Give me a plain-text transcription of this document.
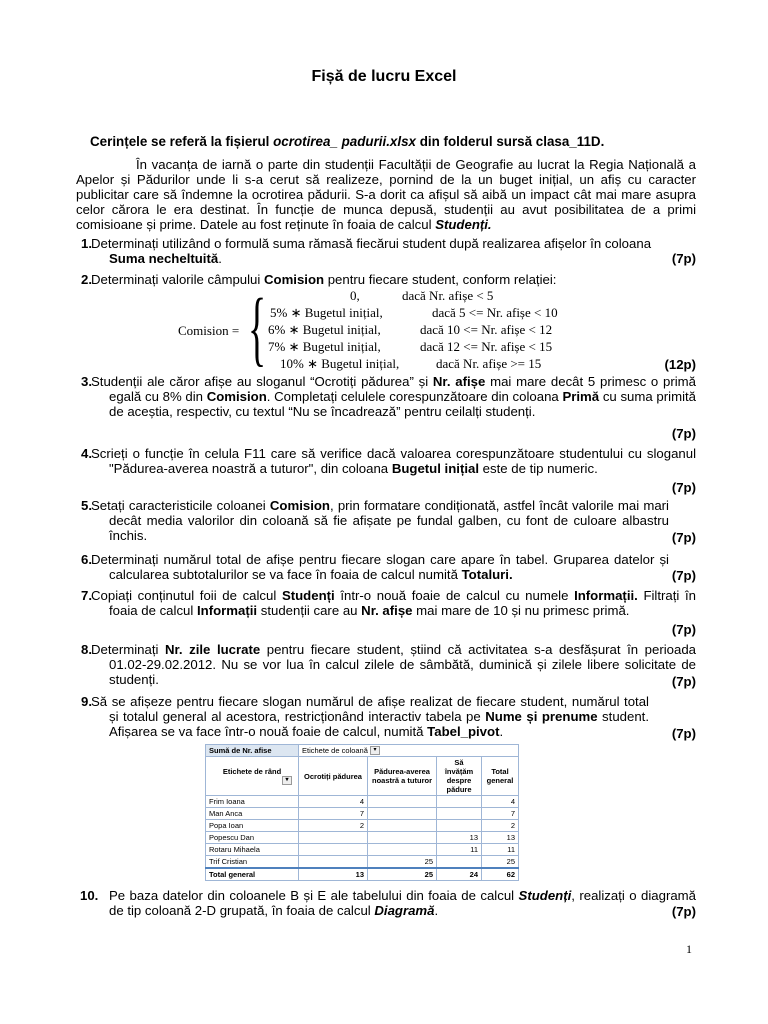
Fișă de lucru Excel
Cerințele se referă la fișierul ocrotirea_ padurii.xlsx din folderul sursă clasa_11D.
În vacanța de iarnă o parte din studenții Facultății de Geografie au lucrat la Regia Națională a Apelor și Pădurilor unde li s-a cerut să realizeze, pornind de la un buget inițial, un afiș cu caracter publicitar care să îndemne la ocrotirea pădurii. S-a dorit ca afișul să aibă un impact cât mai mare asupra celor cărora le era destinat. În funcție de munca depusă, studenții au avut posibilitatea de a primi comisioane și prime. Datele au fost reținute în foaia de calcul Studenți.
1. Determinați utilizând o formulă suma rămasă fiecărui student după realizarea afișelor în coloana
Suma necheltuită.	(7p)
2. Determinați valorile câmpului Comision pentru fiecare student, conform relației:
(12p)
Comision = {	0,	dacă Nr. afișe < 5
5% ∗ Bugetul inițial,	dacă 5 <= Nr. afișe < 10
6% ∗ Bugetul inițial,	dacă 10 <= Nr. afișe < 12
7% ∗ Bugetul inițial,	dacă 12 <= Nr. afișe < 15
10% ∗ Bugetul inițial,	dacă Nr. afișe >= 15
3. Studenții ale căror afișe au sloganul “Ocrotiți pădurea” și Nr. afișe mai mare decât 5 primesc o primă egală cu 8% din Comision. Completați celulele corespunzătoare din coloana Primă cu suma primită de aceștia, respectiv, cu textul “Nu se încadrează” pentru ceilalți studenți.
(7p)
4. Scrieți o funcție în celula F11 care să verifice dacă valoarea corespunzătoare studentului cu sloganul "Pădurea-averea noastră a tuturor", din coloana Bugetul inițial este de tip numeric.
(7p)
5. Setați caracteristicile coloanei Comision, prin formatare condiționată, astfel încât valorile mai mari decât media valorilor din coloană să fie afișate pe fundal galben, cu font de culoare albastru închis.	(7p)
6. Determinați numărul total de afișe pentru fiecare slogan care apare în tabel. Gruparea datelor și calcularea subtotalurilor se va face în foaia de calcul numită Totaluri.	(7p)
7. Copiați conținutul foii de calcul Studenți într-o nouă foaie de calcul cu numele Informații. Filtrați în foaia de calcul Informații studenții care au Nr. afișe mai mare de 10 și nu primesc primă.
(7p)
8. Determinați Nr. zile lucrate pentru fiecare student, știind că activitatea s-a desfășurat în perioada 01.02-29.02.2012. Nu se vor lua în calcul zilele de sâmbătă, duminică și zilele libere solicitate de studenți.	(7p)
9. Să se afișeze pentru fiecare slogan numărul de afișe realizat de fiecare student, numărul total și totalul general al acestora, restricționând interactiv tabela pe Nume și prenume student. Afișarea se va face într-o nouă foaie de calcul, numită Tabel_pivot.	(7p)
Sumă de Nr. afise	Etichete de coloană ▾			
Etichete de rând
▾	Ocrotiți pădurea	Pădurea-averea noastră a tuturor	Să învățăm despre pădure	Total general
Frim Ioana	4			4
Man Anca	7			7
Popa Ioan	2			2
Popescu Dan			13	13
Rotaru Mihaela			11	11
Trif Cristian		25		25
Total general	13	25	24	62
10. Pe baza datelor din coloanele B și E ale tabelului din foaia de calcul Studenți, realizați o diagramă de tip coloană 2-D grupată, în foaia de calcul Diagramă.	(7p)
1
